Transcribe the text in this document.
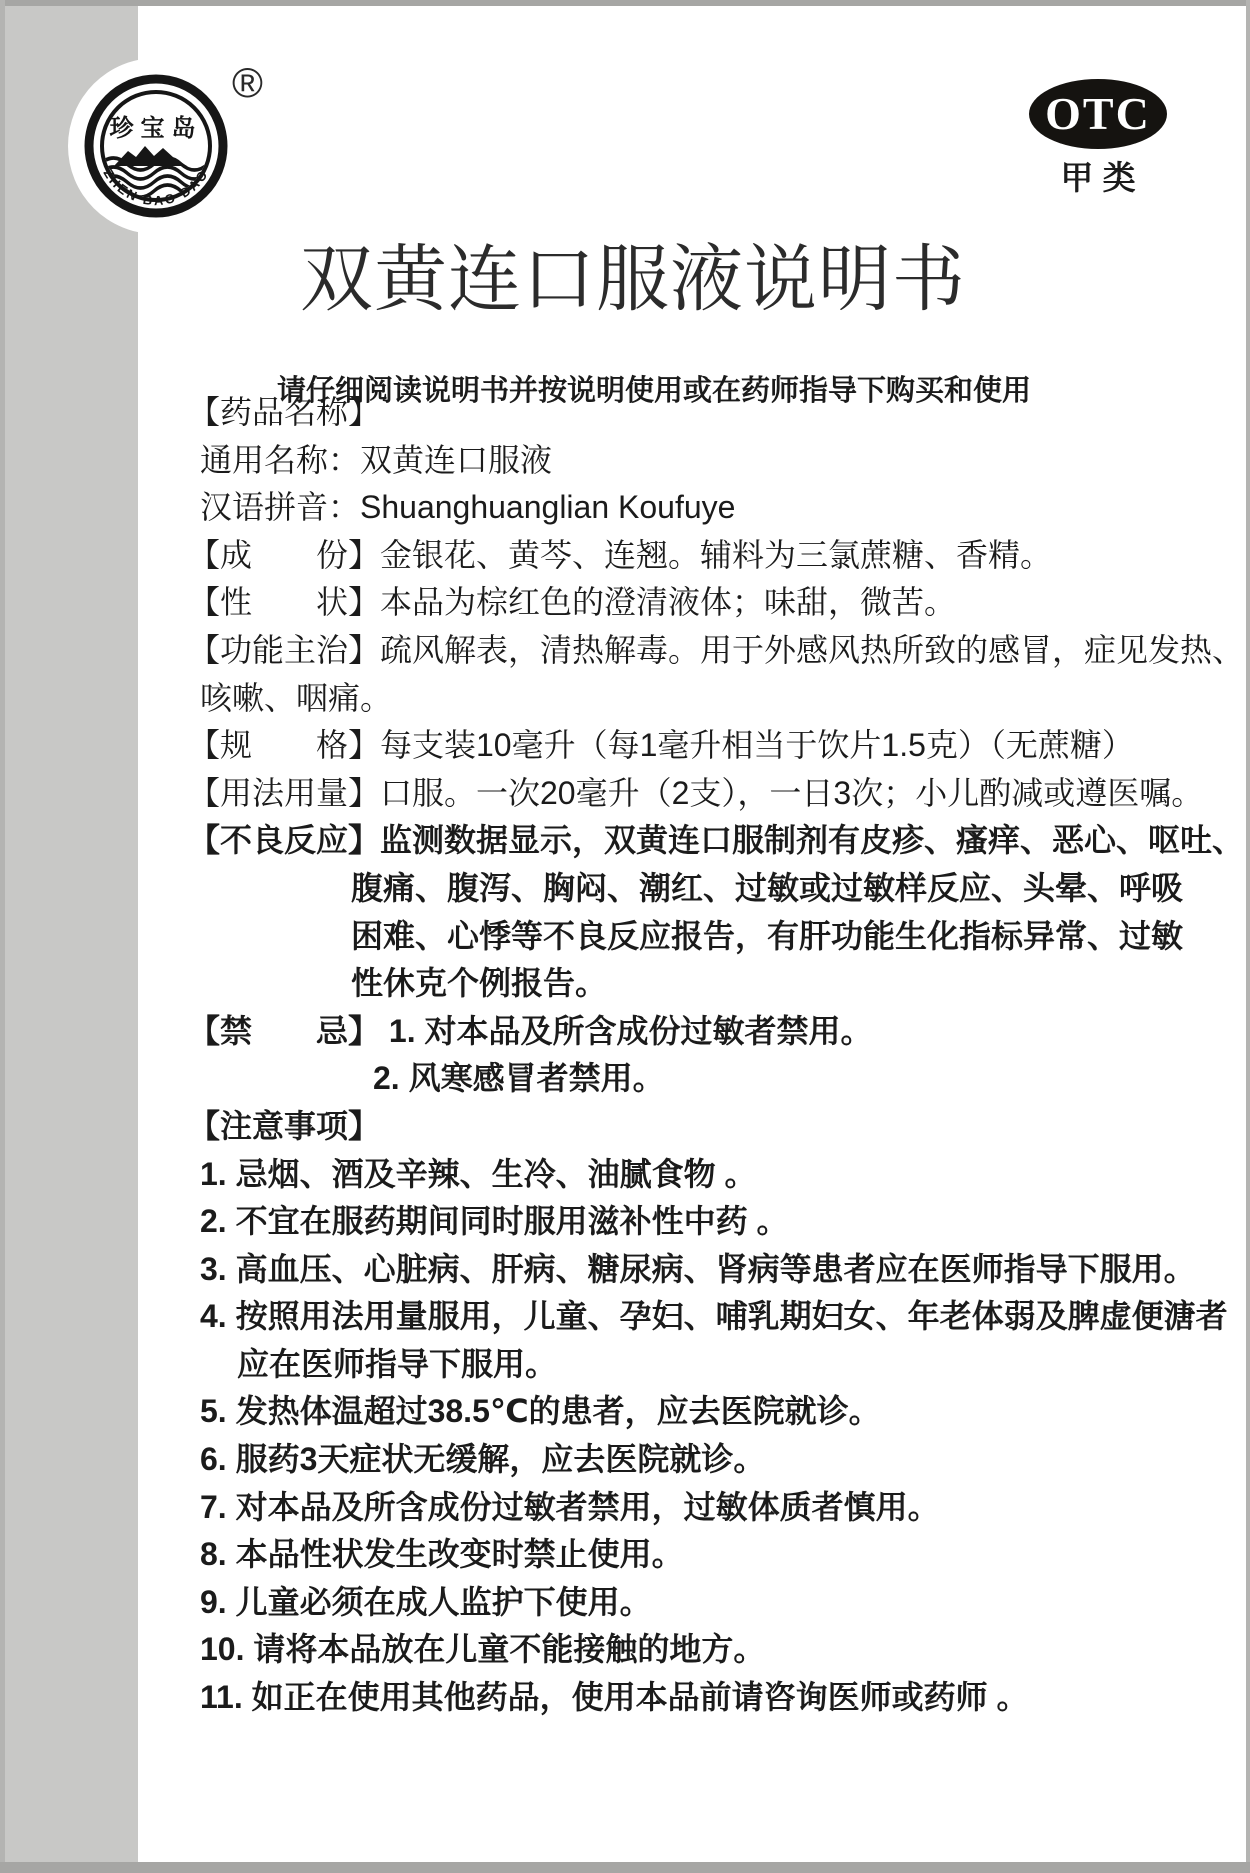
珍宝岛
ZHEN BAO DAO
®
OTC
甲 类
双黄连口服液说明书
请仔细阅读说明书并按说明使用或在药师指导下购买和使用
【药品名称】
通用名称：双黄连口服液
汉语拼音：Shuanghuanglian Koufuye
【成　　份】金银花、黄芩、连翘。辅料为三氯蔗糖、香精。
【性　　状】本品为棕红色的澄清液体；味甜，微苦。
【功能主治】疏风解表，清热解毒。用于外感风热所致的感冒，症见发热、
咳嗽、咽痛。
【规　　格】每支装10毫升（每1毫升相当于饮片1.5克）（无蔗糖）
【用法用量】口服。一次20毫升（2支），一日3次；小儿酌减或遵医嘱。
【不良反应】监测数据显示，双黄连口服制剂有皮疹、瘙痒、恶心、呕吐、
腹痛、腹泻、胸闷、潮红、过敏或过敏样反应、头晕、呼吸
困难、心悸等不良反应报告，有肝功能生化指标异常、过敏
性休克个例报告。
【禁　　忌】 1. 对本品及所含成份过敏者禁用。
2. 风寒感冒者禁用。
【注意事项】
1. 忌烟、酒及辛辣、生冷、油腻食物 。
2. 不宜在服药期间同时服用滋补性中药 。
3. 高血压、心脏病、肝病、糖尿病、肾病等患者应在医师指导下服用。
4. 按照用法用量服用，儿童、孕妇、哺乳期妇女、年老体弱及脾虚便溏者
应在医师指导下服用。
5. 发热体温超过38.5℃的患者，应去医院就诊。
6. 服药3天症状无缓解，应去医院就诊。
7. 对本品及所含成份过敏者禁用，过敏体质者慎用。
8. 本品性状发生改变时禁止使用。
9. 儿童必须在成人监护下使用。
10. 请将本品放在儿童不能接触的地方。
11. 如正在使用其他药品，使用本品前请咨询医师或药师 。
